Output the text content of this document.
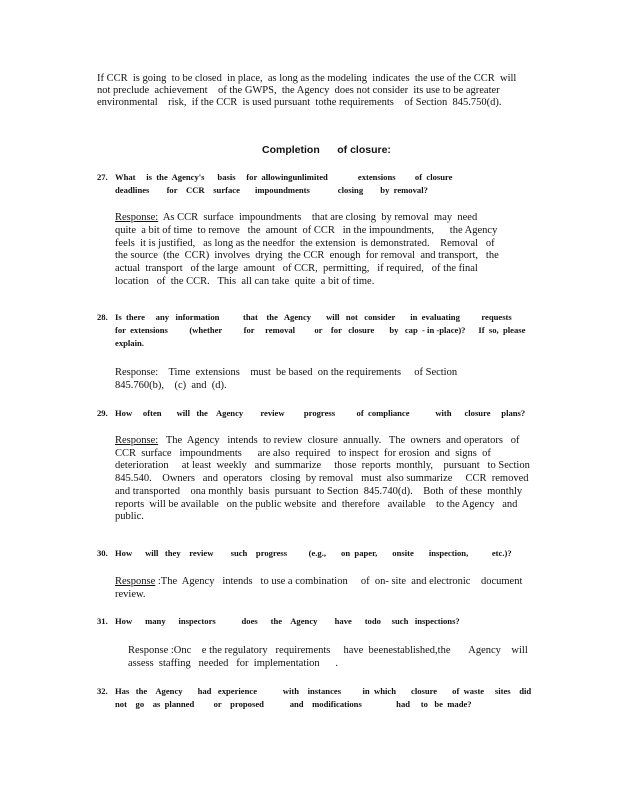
If CCR  is going  to be closed  in place,  as long as the modeling  indicates  the use of the CCR  will
not preclude  achievement    of the GWPS,  the Agency  does not consider  its use to be agreater
environmental    risk,  if the CCR  is used pursuant  tothe requirements    of Section  845.750(d).
Completion      of closure:
27. What     is  the  Agency's      basis     for  allowingunlimited              extensions         of  closure
deadlines        for    CCR    surface       impoundments             closing        by  removal?
Response:  As CCR  surface  impoundments    that are closing  by removal  may  need
quite  a bit of time  to remove   the  amount  of CCR   in the impoundments,      the Agency
feels  it is justified,   as long as the needfor  the extension  is demonstrated.    Removal   of
the source  (the  CCR)  involves  drying  the CCR  enough  for removal  and transport,   the
actual  transport   of the large  amount   of CCR,  permitting,   if required,   of the final
location   of  the CCR.   This  all can take  quite  a bit of time.
28. Is  there     any   information           that    the   Agency       will   not   consider       in  evaluating          requests
for  extensions          (whether          for     removal         or    for   closure       by   cap  - in -place)?      If  so,  please
explain.
Response:    Time  extensions    must  be based  on the requirements     of Section
845.760(b),    (c)  and  (d).
29. How     often       will   the    Agency        review         progress          of  compliance            with      closure     plans?
Response:   The  Agency   intends  to review  closure  annually.   The  owners  and operators   of
CCR  surface   impoundments      are also  required   to inspect  for erosion  and  signs  of
deterioration     at least  weekly   and  summarize     those  reports  monthly,    pursuant   to Section
845.540.    Owners   and  operators   closing  by removal   must  also summarize     CCR  removed
and transported    ona monthly  basis  pursuant  to Section  845.740(d).    Both  of these  monthly
reports  will be available   on the public website  and  therefore   available    to the Agency   and
public.
30. How      will   they    review        such    progress          (e.g.,       on  paper,       onsite       inspection,           etc.)?
Response :The  Agency   intends   to use a combination     of  on- site  and electronic    document
review.
31. How      many      inspectors            does      the    Agency        have      todo     such   inspections?
Response :Onc    e the regulatory   requirements     have  beenestablished,the       Agency    will
assess  staffing   needed   for  implementation      .
32. Has   the    Agency       had   experience            with    instances          in  which       closure       of  waste     sites    did
not    go    as  planned         or    proposed            and    modifications                had     to   be  made?
